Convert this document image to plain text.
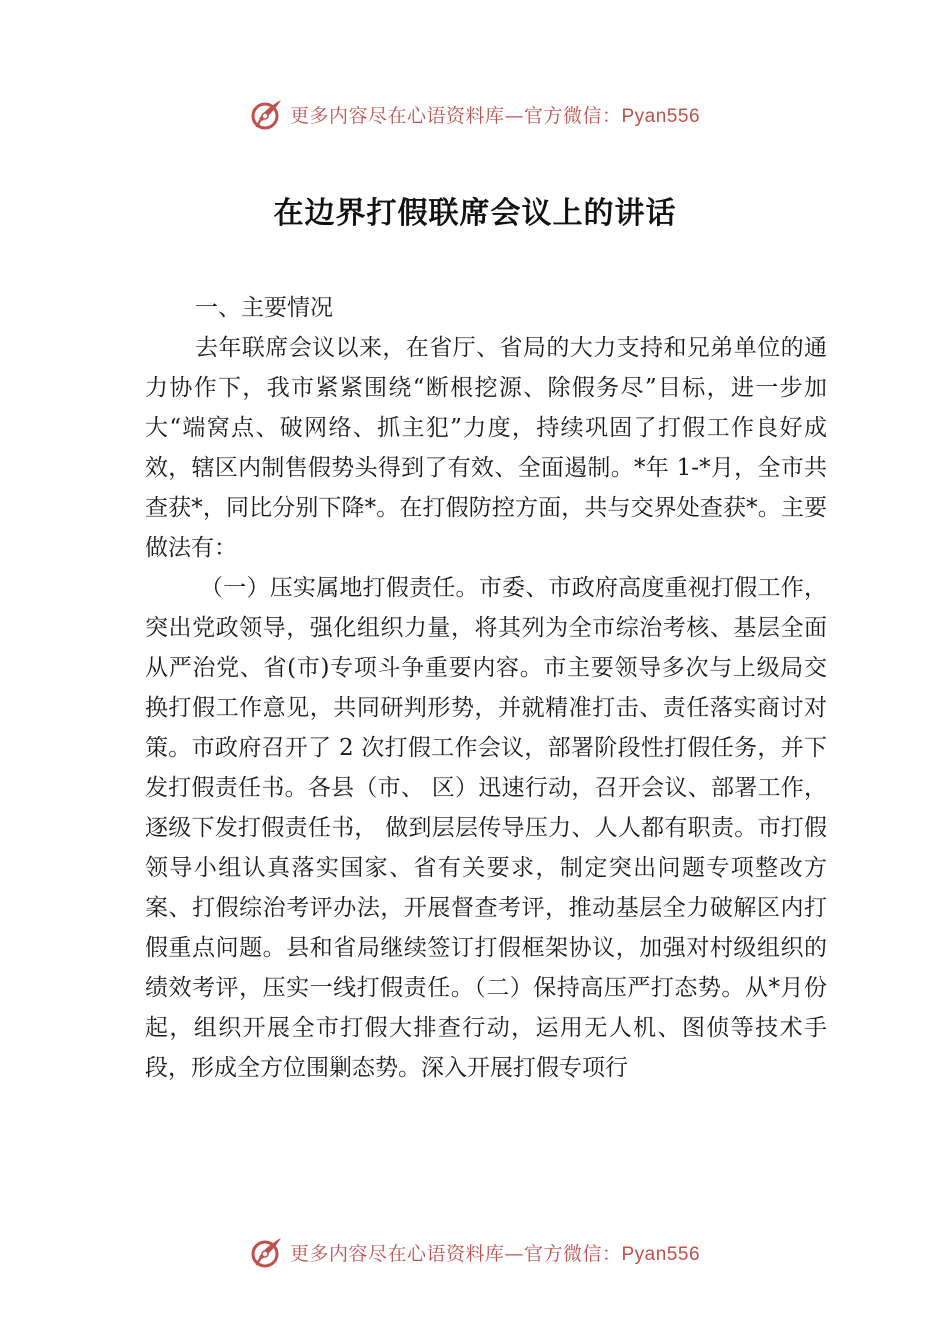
更多内容尽在心语资料库—官方微信：Pyan556
在边界打假联席会议上的讲话

一、主要情况

去年联席会议以来，在省厅、省局的大力支持和兄弟单位的通力协作下，我市紧紧围绕“断根挖源、除假务尽”目标，进一步加大“端窝点、破网络、抓主犯”力度，持续巩固了打假工作良好成效，辖区内制售假势头得到了有效、全面遏制。*年 1-*月，全市共查获*，同比分别下降*。在打假防控方面，共与交界处查获*。主要做法有：

（一）压实属地打假责任。市委、市政府高度重视打假工作，突出党政领导，强化组织力量，将其列为全市综治考核、基层全面从严治党、省(市)专项斗争重要内容。市主要领导多次与上级局交换打假工作意见，共同研判形势，并就精准打击、责任落实商讨对策。市政府召开了 2 次打假工作会议，部署阶段性打假任务，并下发打假责任书。各县（市、 区）迅速行动，召开会议、部署工作，逐级下发打假责任书， 做到层层传导压力、人人都有职责。市打假领导小组认真落实国家、省有关要求，制定突出问题专项整改方案、打假综治考评办法，开展督查考评，推动基层全力破解区内打假重点问题。县和省局继续签订打假框架协议，加强对村级组织的绩效考评，压实一线打假责任。（二）保持高压严打态势。从*月份起，组织开展全市打假大排查行动，运用无人机、图侦等技术手段，形成全方位围剿态势。深入开展打假专项行

更多内容尽在心语资料库—官方微信：Pyan556
